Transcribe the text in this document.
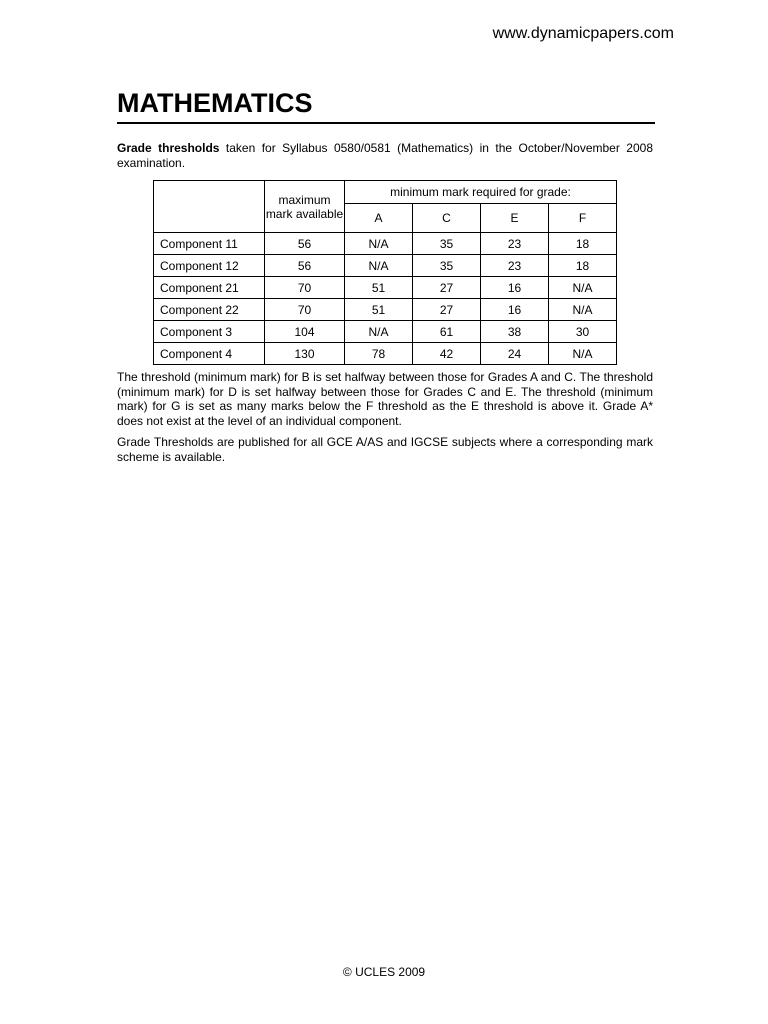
www.dynamicpapers.com
MATHEMATICS

Grade thresholds taken for Syllabus 0580/0581 (Mathematics) in the October/November 2008 examination.

	maximum mark available	minimum mark required for grade:			
		A	C	E	F
Component 11	56	N/A	35	23	18
Component 12	56	N/A	35	23	18
Component 21	70	51	27	16	N/A
Component 22	70	51	27	16	N/A
Component 3	104	N/A	61	38	30
Component 4	130	78	42	24	N/A

The threshold (minimum mark) for B is set halfway between those for Grades A and C. The threshold (minimum mark) for D is set halfway between those for Grades C and E. The threshold (minimum mark) for G is set as many marks below the F threshold as the E threshold is above it. Grade A* does not exist at the level of an individual component.

Grade Thresholds are published for all GCE A/AS and IGCSE subjects where a corresponding mark scheme is available.

© UCLES 2009
